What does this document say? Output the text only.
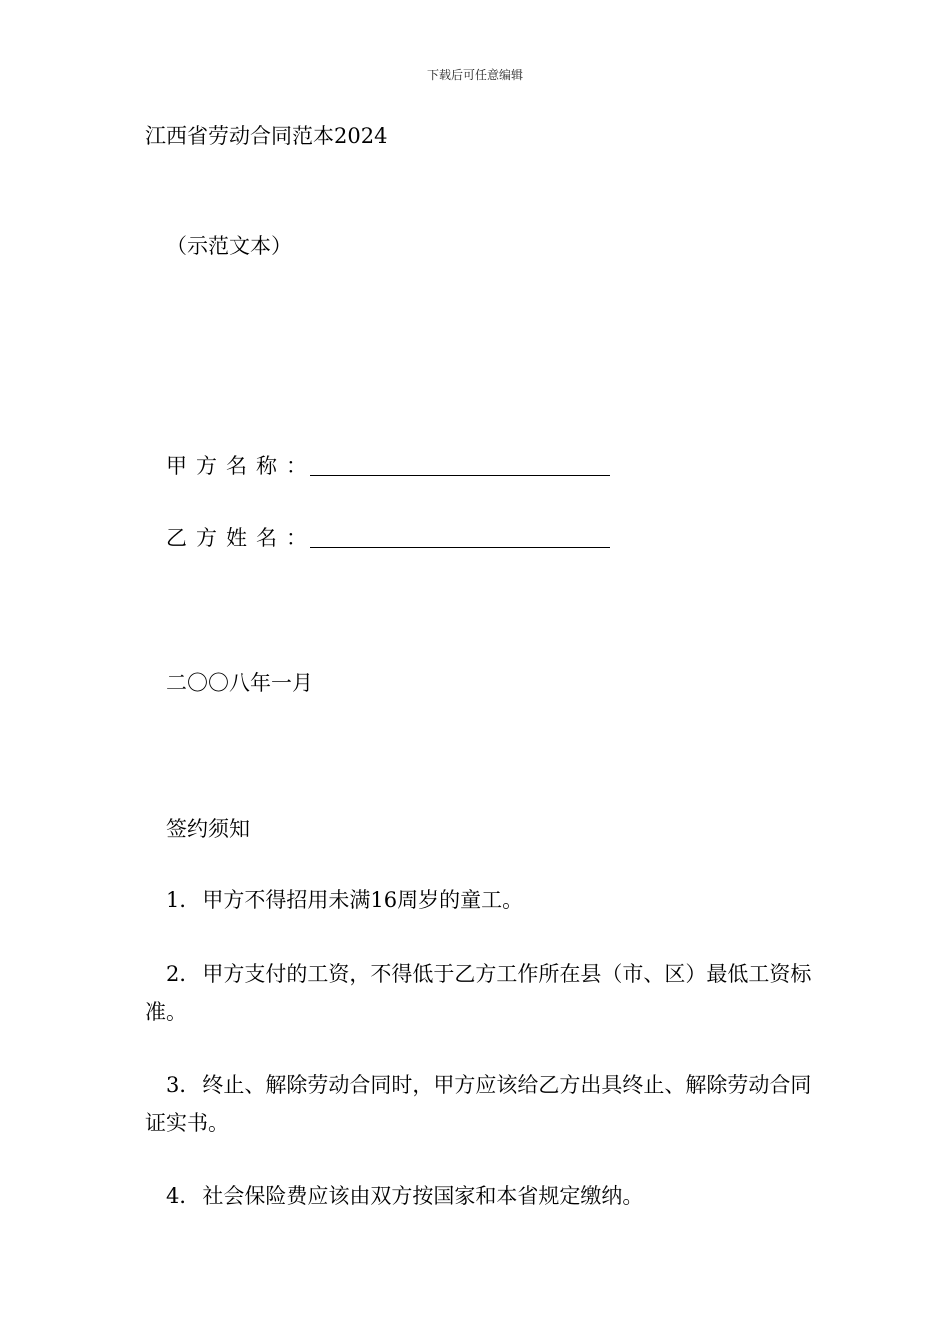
下载后可任意编辑
江西省劳动合同范本2024
（示范文本）
甲方名称：
乙方姓名：
二〇〇八年一月
签约须知
1．甲方不得招用未满16周岁的童工。
2．甲方支付的工资，不得低于乙方工作所在县（市、区）最低工资标准。
3．终止、解除劳动合同时，甲方应该给乙方出具终止、解除劳动合同证实书。
4．社会保险费应该由双方按国家和本省规定缴纳。
